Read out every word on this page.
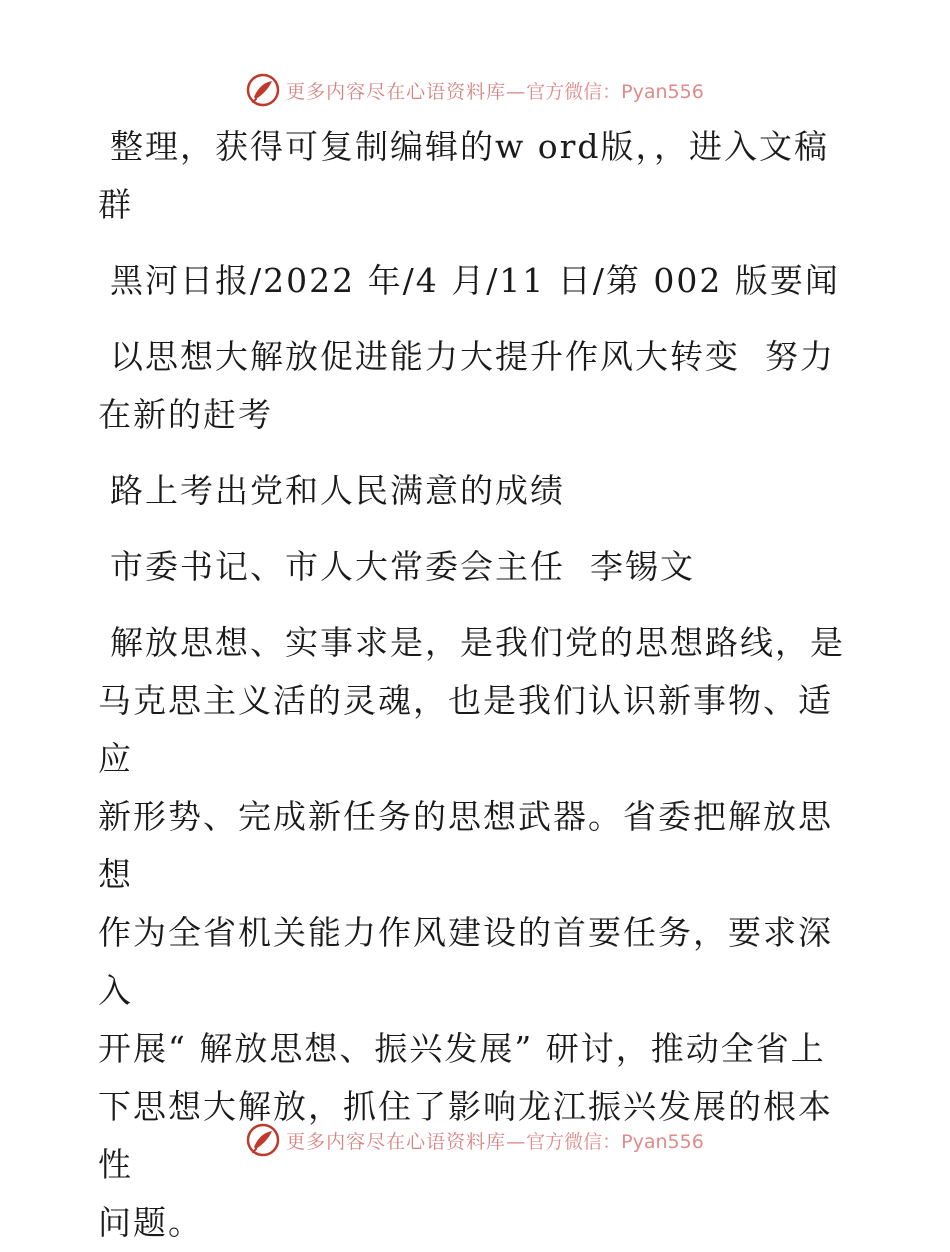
更多内容尽在心语资料库—官方微信：Pyan556

整理，获得可复制编辑的w ord版，，进入文稿

群

黑河日报/2022 年/4 月/11 日/第 002 版要闻

以思想大解放促进能力大提升作风大转变  努力

在新的赶考

路上考出党和人民满意的成绩

市委书记、市人大常委会主任  李锡文

解放思想、实事求是，是我们党的思想路线，是

马克思主义活的灵魂，也是我们认识新事物、适应

新形势、完成新任务的思想武器。省委把解放思想

作为全省机关能力作风建设的首要任务，要求深入

开展“ 解放思想、振兴发展” 研讨，推动全省上

下思想大解放，抓住了影响龙江振兴发展的根本性

问题。

更多内容尽在心语资料库—官方微信：Pyan556
